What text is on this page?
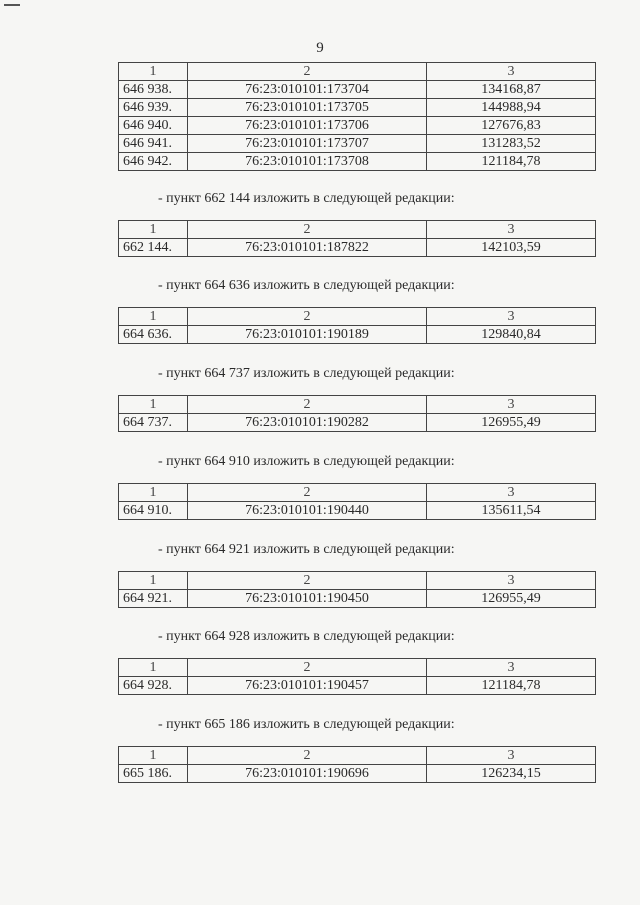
9
1	2	3
646 938.	76:23:010101:173704	134168,87
646 939.	76:23:010101:173705	144988,94
646 940.	76:23:010101:173706	127676,83
646 941.	76:23:010101:173707	131283,52
646 942.	76:23:010101:173708	121184,78

- пункт 662 144 изложить в следующей редакции:

1	2	3
662 144.	76:23:010101:187822	142103,59

- пункт 664 636 изложить в следующей редакции:

1	2	3
664 636.	76:23:010101:190189	129840,84

- пункт 664 737 изложить в следующей редакции:

1	2	3
664 737.	76:23:010101:190282	126955,49

- пункт 664 910 изложить в следующей редакции:

1	2	3
664 910.	76:23:010101:190440	135611,54

- пункт 664 921 изложить в следующей редакции:

1	2	3
664 921.	76:23:010101:190450	126955,49

- пункт 664 928 изложить в следующей редакции:

1	2	3
664 928.	76:23:010101:190457	121184,78

- пункт 665 186 изложить в следующей редакции:

1	2	3
665 186.	76:23:010101:190696	126234,15
